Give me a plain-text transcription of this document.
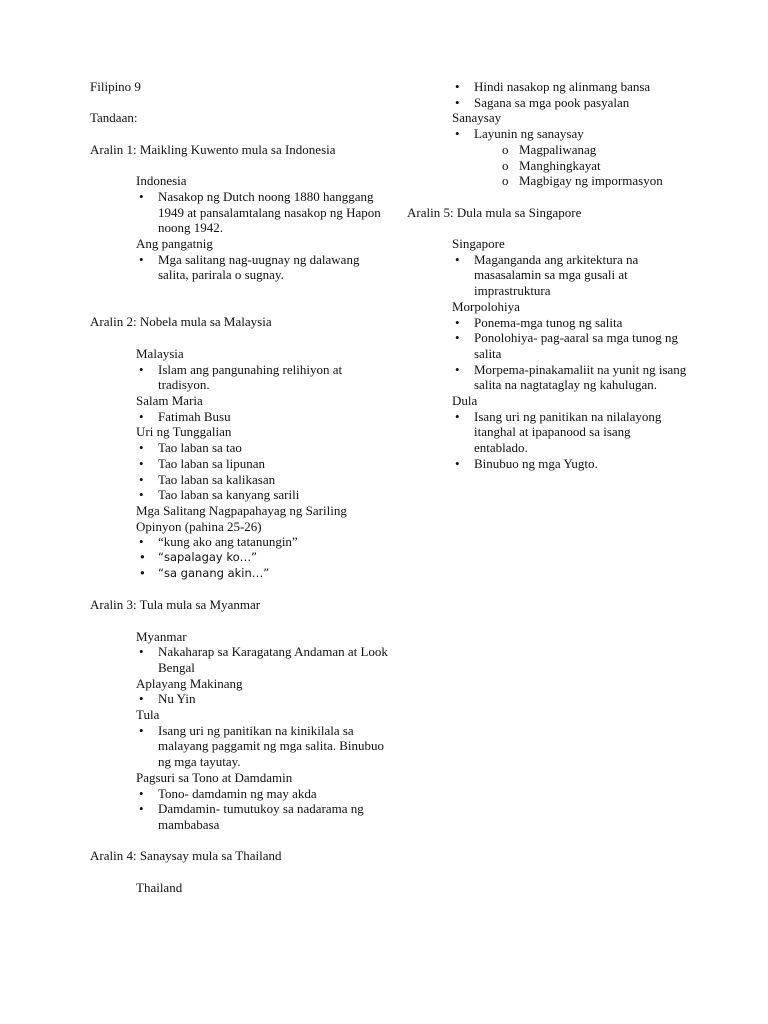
Filipino 9

Tandaan:

Aralin 1: Maikling Kuwento mula sa Indonesia

Indonesia

• Nasakop ng Dutch noong 1880 hanggang 1949 at pansalamtalang nasakop ng Hapon noong 1942.

Ang pangatnig

• Mga salitang nag-uugnay ng dalawang salita, parirala o sugnay.

Aralin 2: Nobela mula sa Malaysia

Malaysia

• Islam ang pangunahing relihiyon at tradisyon.

Salam Maria

• Fatimah Busu

Uri ng Tunggalian

• Tao laban sa tao
• Tao laban sa lipunan
• Tao laban sa kalikasan
• Tao laban sa kanyang sarili

Mga Salitang Nagpapahayag ng Sariling Opinyon (pahina 25-26)

• “kung ako ang tatanungin”
• “sapalagay ko…”
• “sa ganang akin…”

Aralin 3: Tula mula sa Myanmar

Myanmar

• Nakaharap sa Karagatang Andaman at Look Bengal

Aplayang Makinang

• Nu Yin

Tula

• Isang uri ng panitikan na kinikilala sa malayang paggamit ng mga salita. Binubuo ng mga tayutay.

Pagsuri sa Tono at Damdamin

• Tono- damdamin ng may akda
• Damdamin- tumutukoy sa nadarama ng mambabasa

Aralin 4: Sanaysay mula sa Thailand

Thailand

• Hindi nasakop ng alinmang bansa
• Sagana sa mga pook pasyalan

Sanaysay

• Layunin ng sanaysay
o Magpaliwanag
o Manghingkayat
o Magbigay ng impormasyon

Aralin 5: Dula mula sa Singapore

Singapore

• Maganganda ang arkitektura na masasalamin sa mga gusali at imprastruktura

Morpolohiya

• Ponema-mga tunog ng salita
• Ponolohiya- pag-aaral sa mga tunog ng salita
• Morpema-pinakamaliit na yunit ng isang salita na nagtataglay ng kahulugan.

Dula

• Isang uri ng panitikan na nilalayong itanghal at ipapanood sa isang entablado.
• Binubuo ng mga Yugto.
